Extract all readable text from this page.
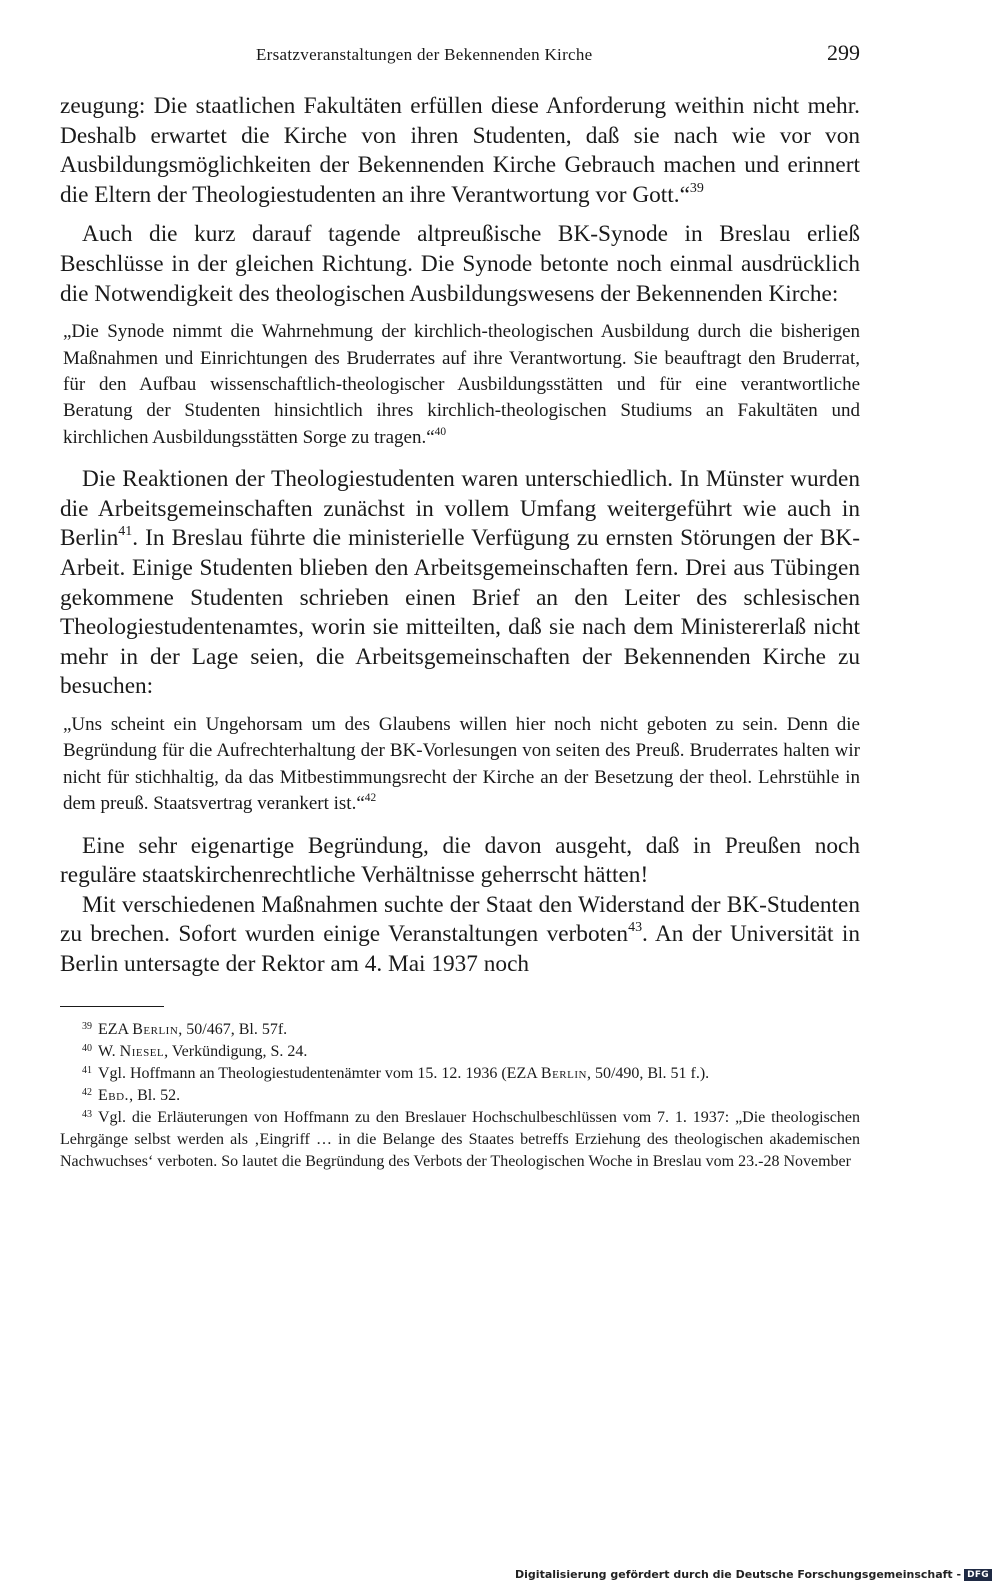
Ersatzveranstaltungen der Bekennenden Kirche	299

zeugung: Die staatlichen Fakultäten erfüllen diese Anforderung weithin nicht mehr. Deshalb erwartet die Kirche von ihren Studenten, daß sie nach wie vor von Ausbildungsmöglichkeiten der Bekennenden Kirche Gebrauch machen und erinnert die Eltern der Theologiestudenten an ihre Verantwortung vor Gott.“$^{39}$

Auch die kurz darauf tagende altpreußische BK-Synode in Breslau erließ Beschlüsse in der gleichen Richtung. Die Synode betonte noch einmal ausdrücklich die Notwendigkeit des theologischen Ausbildungswesens der Bekennenden Kirche:

„Die Synode nimmt die Wahrnehmung der kirchlich-theologischen Ausbildung durch die bisherigen Maßnahmen und Einrichtungen des Bruderrates auf ihre Verantwortung. Sie beauftragt den Bruderrat, für den Aufbau wissenschaftlich-theologischer Ausbildungsstätten und für eine verantwortliche Beratung der Studenten hinsichtlich ihres kirchlich-theologischen Studiums an Fakultäten und kirchlichen Ausbildungsstätten Sorge zu tragen.“$^{40}$

Die Reaktionen der Theologiestudenten waren unterschiedlich. In Münster wurden die Arbeitsgemeinschaften zunächst in vollem Umfang weitergeführt wie auch in Berlin$^{41}$. In Breslau führte die ministerielle Verfügung zu ernsten Störungen der BK-Arbeit. Einige Studenten blieben den Arbeitsgemeinschaften fern. Drei aus Tübingen gekommene Studenten schrieben einen Brief an den Leiter des schlesischen Theologiestudentenamtes, worin sie mitteilten, daß sie nach dem Ministererlaß nicht mehr in der Lage seien, die Arbeitsgemeinschaften der Bekennenden Kirche zu besuchen:

„Uns scheint ein Ungehorsam um des Glaubens willen hier noch nicht geboten zu sein. Denn die Begründung für die Aufrechterhaltung der BK-Vorlesungen von seiten des Preuß. Bruderrates halten wir nicht für stichhaltig, da das Mitbestimmungsrecht der Kirche an der Besetzung der theol. Lehrstühle in dem preuß. Staatsvertrag verankert ist.“$^{42}$

Eine sehr eigenartige Begründung, die davon ausgeht, daß in Preußen noch reguläre staatskirchenrechtliche Verhältnisse geherrscht hätten!

Mit verschiedenen Maßnahmen suchte der Staat den Widerstand der BK-Studenten zu brechen. Sofort wurden einige Veranstaltungen verboten$^{43}$. An der Universität in Berlin untersagte der Rektor am 4. Mai 1937 noch

$^{39}$ EZA Berlin, 50/467, Bl. 57f.

$^{40}$ W. Niesel, Verkündigung, S. 24.

$^{41}$ Vgl. Hoffmann an Theologiestudentenämter vom 15. 12. 1936 (EZA Berlin, 50/490, Bl. 51 f.).

$^{42}$ Ebd., Bl. 52.

$^{43}$ Vgl. die Erläuterungen von Hoffmann zu den Breslauer Hochschulbeschlüssen vom 7. 1. 1937: „Die theologischen Lehrgänge selbst werden als ‚Eingriff … in die Belange des Staates betreffs Erziehung des theologischen akademischen Nachwuchses‘ verboten. So lautet die Begründung des Verbots der Theologischen Woche in Breslau vom 23.-28 November

Digitalisierung gefördert durch die Deutsche Forschungsgemeinschaft - DFG
